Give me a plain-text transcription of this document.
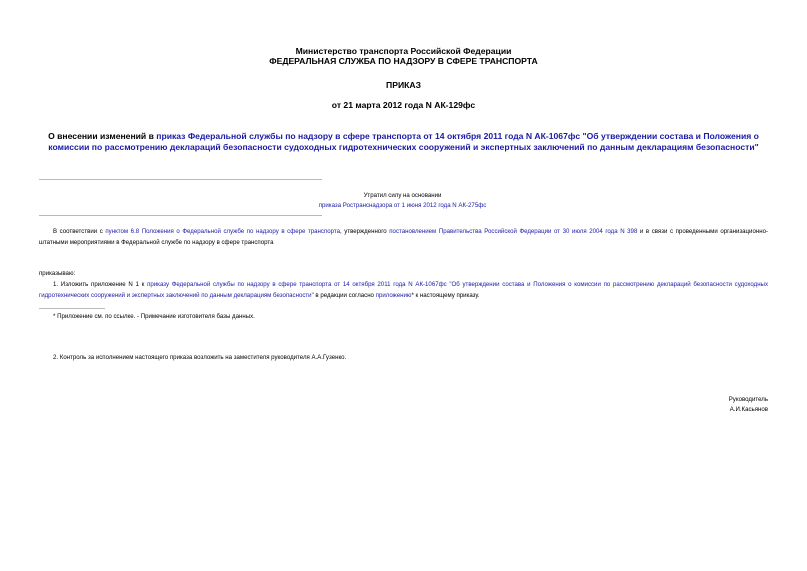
Министерство транспорта Российской Федерации
ФЕДЕРАЛЬНАЯ СЛУЖБА ПО НАДЗОРУ В СФЕРЕ ТРАНСПОРТА
ПРИКАЗ
от 21 марта 2012 года N АК-129фс
О внесении изменений в приказ Федеральной службы по надзору в сфере транспорта от 14 октября 2011 года N АК-1067фс "Об утверждении состава и Положения о комиссии по рассмотрению деклараций безопасности судоходных гидротехнических сооружений и экспертных заключений по данным декларациям безопасности"
Утратил силу на основании
приказа Ространснадзора от 1 июня 2012 года N АК-275фс
В соответствии с пунктом 6.8 Положения о Федеральной службе по надзору в сфере транспорта, утвержденного постановлением Правительства Российской Федерации от 30 июля 2004 года N 398 и в связи с проведенными организационно-штатными мероприятиями в Федеральной службе по надзору в сфере транспорта
приказываю:
1. Изложить приложение N 1 к приказу Федеральной службы по надзору в сфере транспорта от 14 октября 2011 года N АК-1067фс "Об утверждении состава и Положения о комиссии по рассмотрению деклараций безопасности судоходных гидротехнических сооружений и экспертных заключений по данным декларациям безопасности" в редакции согласно приложению* к настоящему приказу.
* Приложение см. по ссылке. - Примечание изготовителя базы данных.
2. Контроль за исполнением настоящего приказа возложить на заместителя руководителя А.А.Гузенко.
Руководитель
А.И.Касьянов
